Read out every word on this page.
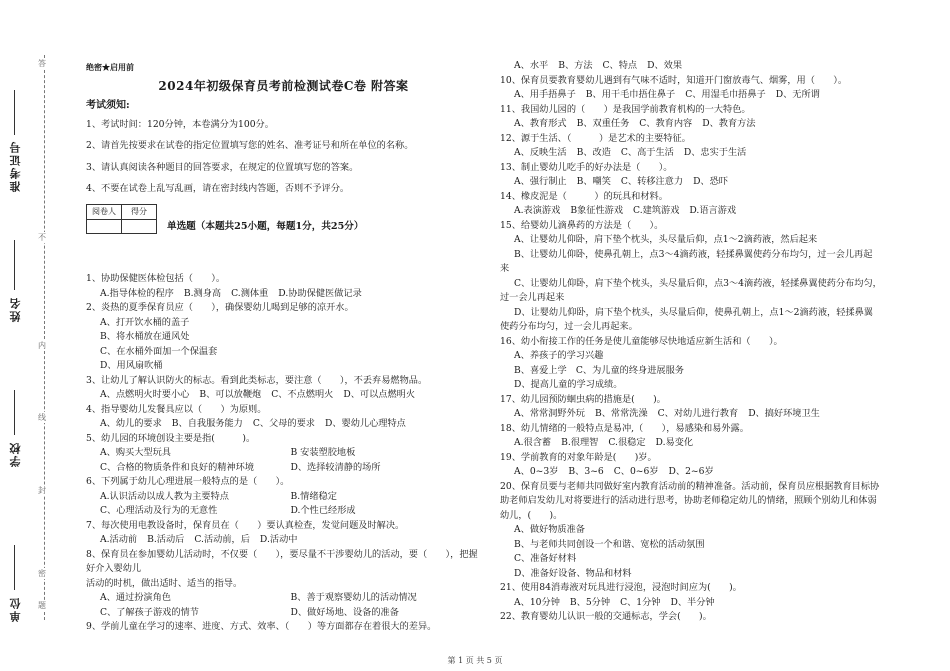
答
不
内
线
封
密
题
准考证号
姓名
学校
单位
绝密★启用前
2024年初级保育员考前检测试卷C卷 附答案
考试须知:
1、考试时间：120分钟，本卷满分为100分。
2、请首先按要求在试卷的指定位置填写您的姓名、准考证号和所在单位的名称。
3、请认真阅读各种题目的回答要求，在规定的位置填写您的答案。
4、不要在试卷上乱写乱画，请在密封线内答题，否则不予评分。
阅卷人	得分

单选题（本题共25小题，每题1分，共25分）
1、协助保健医体检包括（　　）。
A.指导体检的程序 B.测身高 C.测体重 D.协助保健医做记录
2、炎热的夏季保育员应（　　），确保婴幼儿喝到足够的凉开水。
A、打开饮水桶的盖子
B、将水桶放在通风处
C、在水桶外面加一个保温套
D、用风扇吹桶
3、让幼儿了解认识防火的标志。看到此类标志，要注意（　　），不丢弃易燃物品。
A、点燃明火时要小心 B、可以放鞭炮 C、不点燃明火 D、可以点燃明火
4、指导婴幼儿发餐具应以（　　）为原则。
A、幼儿的要求 B、自我服务能力 C、父母的要求 D、婴幼儿心理特点
5、幼儿园的环境创设主要是指(　　　)。
A、购买大型玩具	B 安装塑胶地板
C、合格的物质条件和良好的精神环境	D、选择较清静的场所
6、下列属于幼儿心理进展一般特点的是（　　）。
A.认识活动以成人教为主要特点	B.情绪稳定
C、心理活动及行为的无意性	D.个性已经形成
7、每次使用电教设备时，保育员在（　　）要认真检查，发觉问题及时解决。
A.活动前 B.活动后 C.活动前，后 D.活动中
8、保育员在参加婴幼儿活动时，不仅要（　　），要尽量不干涉婴幼儿的活动，要（　　），把握好介入婴幼儿
活动的时机，做出适时、适当的指导。
A、通过扮演角色	B、善于观察婴幼儿的活动情况
C、了解孩子游戏的情节	D、做好场地、设备的准备
9、学前儿童在学习的速率、进度、方式、效率、（　　）等方面都存在着很大的差异。
A、水平 B、方法 C、特点 D、效果
10、保育员要教育婴幼儿遇到有气味不适时，知道开门窗放毒气、烟雾，用（　　）。
A、用手捂鼻子 B、用干毛巾捂住鼻子 C、用湿毛巾捂鼻子 D、无所谓
11、我国幼儿园的（　　）是我国学前教育机构的一大特色。
A、教育形式 B、双重任务 C、教育内容 D、教育方法
12、源于生活、（　　　）是艺术的主要特征。
A、反映生活 B、改造 C、高于生活 D、忠实于生活
13、制止婴幼儿吃手的好办法是（　　）。
A、强行制止 B、嘲笑 C、转移注意力 D、恐吓
14、橡皮泥是（　　　）的玩具和材料。
A.表演游戏 B象征性游戏 C.建筑游戏 D.语言游戏
15、给婴幼儿滴鼻药的方法是（　　）。
A、让婴幼儿仰卧，肩下垫个枕头，头尽量后仰，点1～2滴药液，然后起来
B、让婴幼儿仰卧，使鼻孔朝上，点3～4滴药液，轻揉鼻翼使药分布均匀，过一会儿再起
来
C、让婴幼儿仰卧，肩下垫个枕头，头尽量后仰，点3～4滴药液，轻揉鼻翼使药分布均匀，
过一会儿再起来
D、让婴幼儿仰卧，肩下垫个枕头，头尽量后仰，使鼻孔朝上，点1～2滴药液，轻揉鼻翼
使药分布均匀，过一会儿再起来。
16、幼小衔接工作的任务是使儿童能够尽快地适应新生活和（　　）。
A、养孩子的学习兴趣
B、喜爱上学　C、为儿童的终身进展服务
D、提高儿童的学习成绩。
17、幼儿园预防蛔虫病的措施是(　　)。
A、常常洞野外玩 B、常常洗澡 C、对幼儿进行教育 D、搞好环境卫生
18、幼儿情绪的一般特点是易冲,（　　），易感染和易外露。
A.很含蓄 B.很理智 C.很稳定 D.易变化
19、学前教育的对象年龄是(　　)岁。
A、0~3岁 B、3~6 C、0~6岁 D、2~6岁
20、保育员要与老师共同做好室内教育活动前的精神准备。活动前，保育员应根据教育目标协
助老师启发幼儿对将要进行的活动进行思考，协助老师稳定幼儿的情绪，照顾个别幼儿和体弱
幼儿，(　　)。
A、做好物质准备
B、与老师共同创设一个和谐、宽松的活动氛围
C、准备好材料
D、准备好设备、物品和材料
21、使用84消毒液对玩具进行浸泡，浸泡时间应为(　　)。
A、10分钟 B、5分钟 C、1分钟 D、半分钟
22、教育婴幼儿认识一般的交通标志，学会(　　)。
第 1 页 共 5 页
